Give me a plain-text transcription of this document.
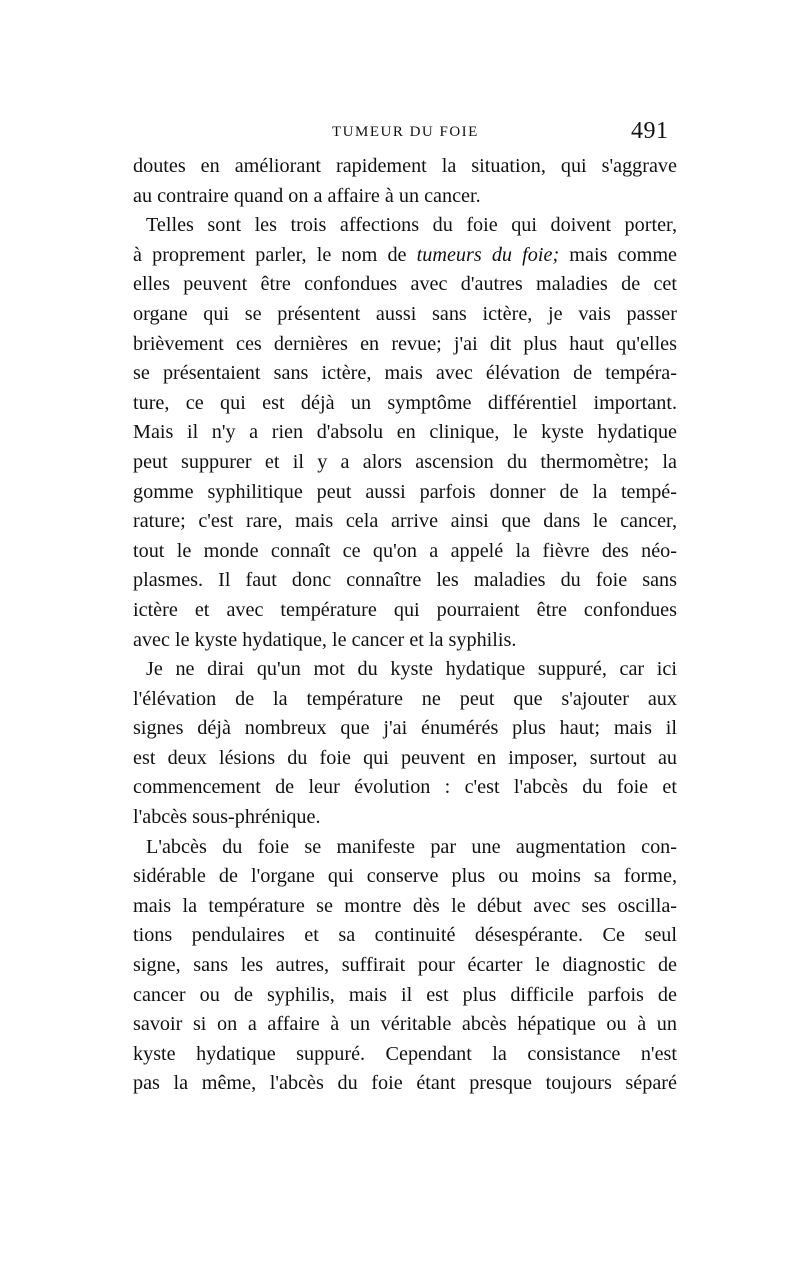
TUMEUR DU FOIE	491

doutes en améliorant rapidement la situation, qui s'aggrave
au contraire quand on a affaire à un cancer.

Telles sont les trois affections du foie qui doivent porter,
à proprement parler, le nom de tumeurs du foie; mais comme
elles peuvent être confondues avec d'autres maladies de cet
organe qui se présentent aussi sans ictère, je vais passer
brièvement ces dernières en revue; j'ai dit plus haut qu'elles
se présentaient sans ictère, mais avec élévation de tempéra-
ture, ce qui est déjà un symptôme différentiel important.
Mais il n'y a rien d'absolu en clinique, le kyste hydatique
peut suppurer et il y a alors ascension du thermomètre; la
gomme syphilitique peut aussi parfois donner de la tempé-
rature; c'est rare, mais cela arrive ainsi que dans le cancer,
tout le monde connaît ce qu'on a appelé la fièvre des néo-
plasmes. Il faut donc connaître les maladies du foie sans
ictère et avec température qui pourraient être confondues
avec le kyste hydatique, le cancer et la syphilis.

Je ne dirai qu'un mot du kyste hydatique suppuré, car ici
l'élévation de la température ne peut que s'ajouter aux
signes déjà nombreux que j'ai énumérés plus haut; mais il
est deux lésions du foie qui peuvent en imposer, surtout au
commencement de leur évolution : c'est l'abcès du foie et
l'abcès sous-phrénique.

L'abcès du foie se manifeste par une augmentation con-
sidérable de l'organe qui conserve plus ou moins sa forme,
mais la température se montre dès le début avec ses oscilla-
tions pendulaires et sa continuité désespérante. Ce seul
signe, sans les autres, suffirait pour écarter le diagnostic de
cancer ou de syphilis, mais il est plus difficile parfois de
savoir si on a affaire à un véritable abcès hépatique ou à un
kyste hydatique suppuré. Cependant la consistance n'est
pas la même, l'abcès du foie étant presque toujours séparé
